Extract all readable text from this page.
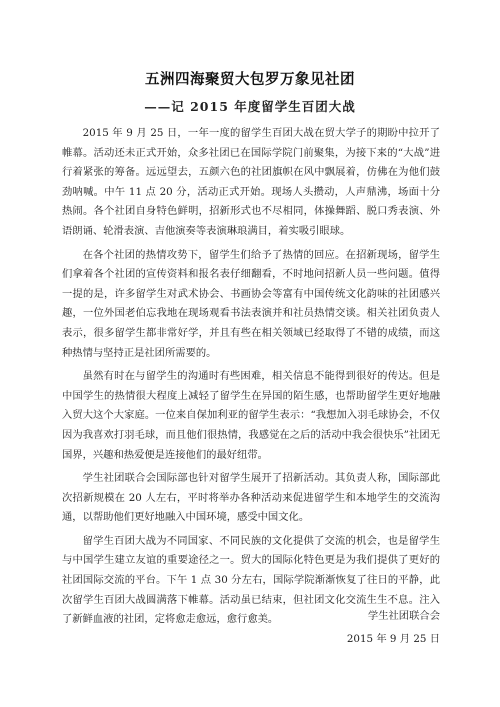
五洲四海聚贸大包罗万象见社团
——记 2015 年度留学生百团大战

2015 年 9 月 25 日，一年一度的留学生百团大战在贸大学子的期盼中拉开了帷幕。活动还未正式开始，众多社团已在国际学院门前聚集，为接下来的“大战”进行着紧张的筹备。远远望去，五颜六色的社团旗帜在风中飘展着，仿佛在为他们鼓劲呐喊。中午 11 点 20 分，活动正式开始。现场人头攒动，人声鼎沸，场面十分热闹。各个社团自身特色鲜明，招新形式也不尽相同，体操舞蹈、脱口秀表演、外语朗诵、轮滑表演、吉他演奏等表演琳琅满目，着实吸引眼球。

在各个社团的热情攻势下，留学生们给予了热情的回应。在招新现场，留学生们拿着各个社团的宣传资料和报名表仔细翻看，不时地问招新人员一些问题。值得一提的是，许多留学生对武术协会、书画协会等富有中国传统文化韵味的社团感兴趣，一位外国老伯忘我地在现场观看书法表演并和社员热情交谈。相关社团负责人表示，很多留学生都非常好学，并且有些在相关领域已经取得了不错的成绩，而这种热情与坚持正是社团所需要的。

虽然有时在与留学生的沟通时有些困难，相关信息不能得到很好的传达。但是中国学生的热情很大程度上减轻了留学生在异国的陌生感，也帮助留学生更好地融入贸大这个大家庭。一位来自保加利亚的留学生表示：“我想加入羽毛球协会，不仅因为我喜欢打羽毛球，而且他们很热情，我感觉在之后的活动中我会很快乐”社团无国界，兴趣和热爱便是连接他们的最好纽带。

学生社团联合会国际部也针对留学生展开了招新活动。其负责人称，国际部此次招新规模在 20 人左右，平时将举办各种活动来促进留学生和本地学生的交流沟通，以帮助他们更好地融入中国环境，感受中国文化。

留学生百团大战为不同国家、不同民族的文化提供了交流的机会，也是留学生与中国学生建立友谊的重要途径之一。贸大的国际化特色更是为我们提供了更好的社团国际交流的平台。下午 1 点 30 分左右，国际学院渐渐恢复了往日的平静，此次留学生百团大战圆满落下帷幕。活动虽已结束，但社团文化交流生生不息。注入了新鲜血液的社团，定将愈走愈远，愈行愈美。	学生社团联合会
2015 年 9 月 25 日
